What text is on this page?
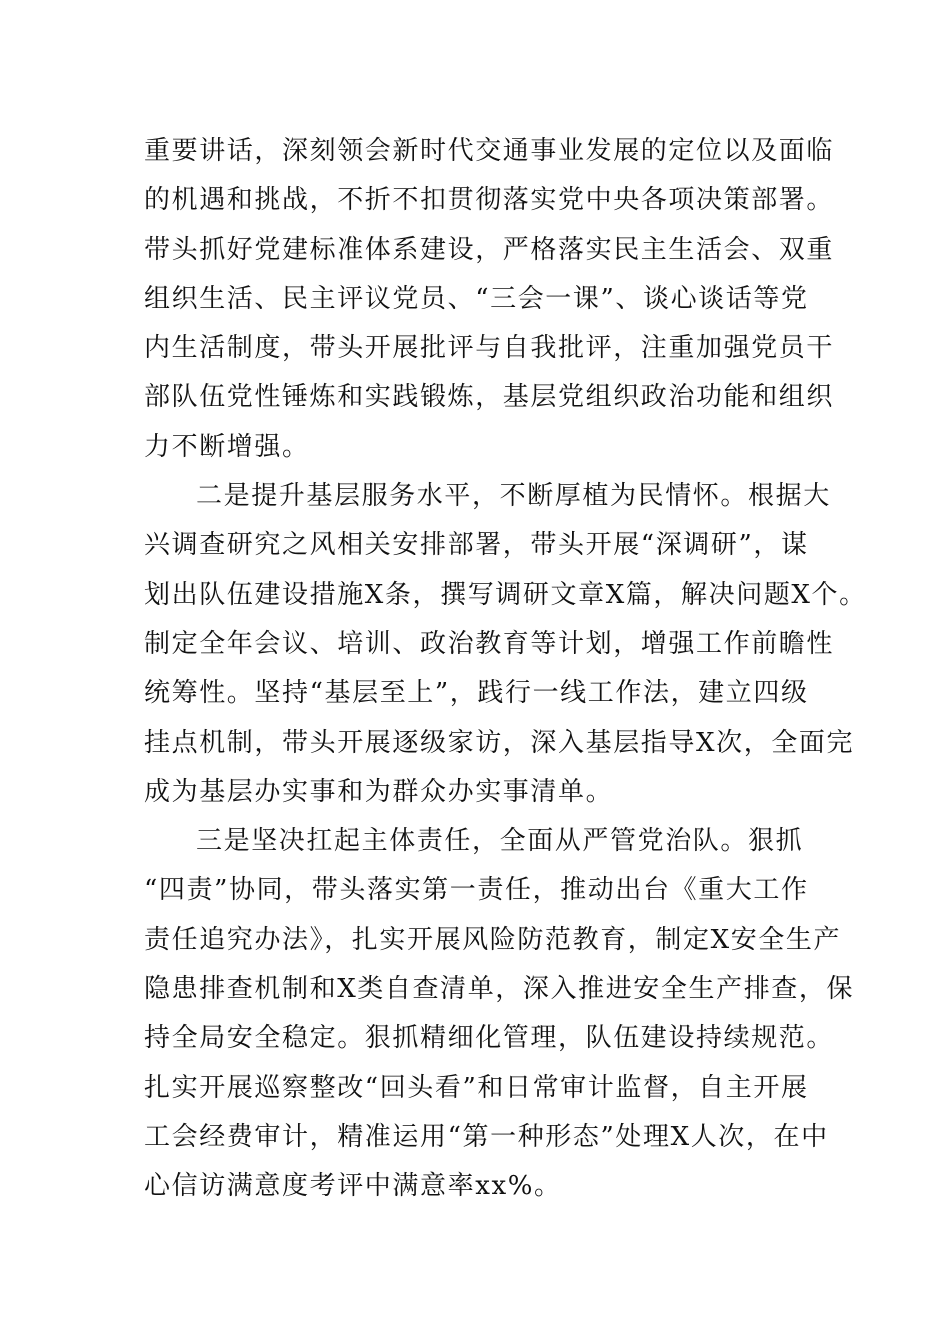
重要讲话，深刻领会新时代交通事业发展的定位以及面临
的机遇和挑战，不折不扣贯彻落实党中央各项决策部署。
带头抓好党建标准体系建设，严格落实民主生活会、双重
组织生活、民主评议党员、“三会一课”、谈心谈话等党
内生活制度，带头开展批评与自我批评，注重加强党员干
部队伍党性锤炼和实践锻炼，基层党组织政治功能和组织
力不断增强。
二是提升基层服务水平，不断厚植为民情怀。根据大
兴调查研究之风相关安排部署，带头开展“深调研”，谋
划出队伍建设措施X条，撰写调研文章X篇，解决问题X个。
制定全年会议、培训、政治教育等计划，增强工作前瞻性
统筹性。坚持“基层至上”，践行一线工作法，建立四级
挂点机制，带头开展逐级家访，深入基层指导X次，全面完
成为基层办实事和为群众办实事清单。
三是坚决扛起主体责任，全面从严管党治队。狠抓
“四责”协同，带头落实第一责任，推动出台《重大工作
责任追究办法》，扎实开展风险防范教育，制定X安全生产
隐患排查机制和X类自查清单，深入推进安全生产排查，保
持全局安全稳定。狠抓精细化管理，队伍建设持续规范。
扎实开展巡察整改“回头看”和日常审计监督，自主开展
工会经费审计，精准运用“第一种形态”处理X人次，在中
心信访满意度考评中满意率xx%。
